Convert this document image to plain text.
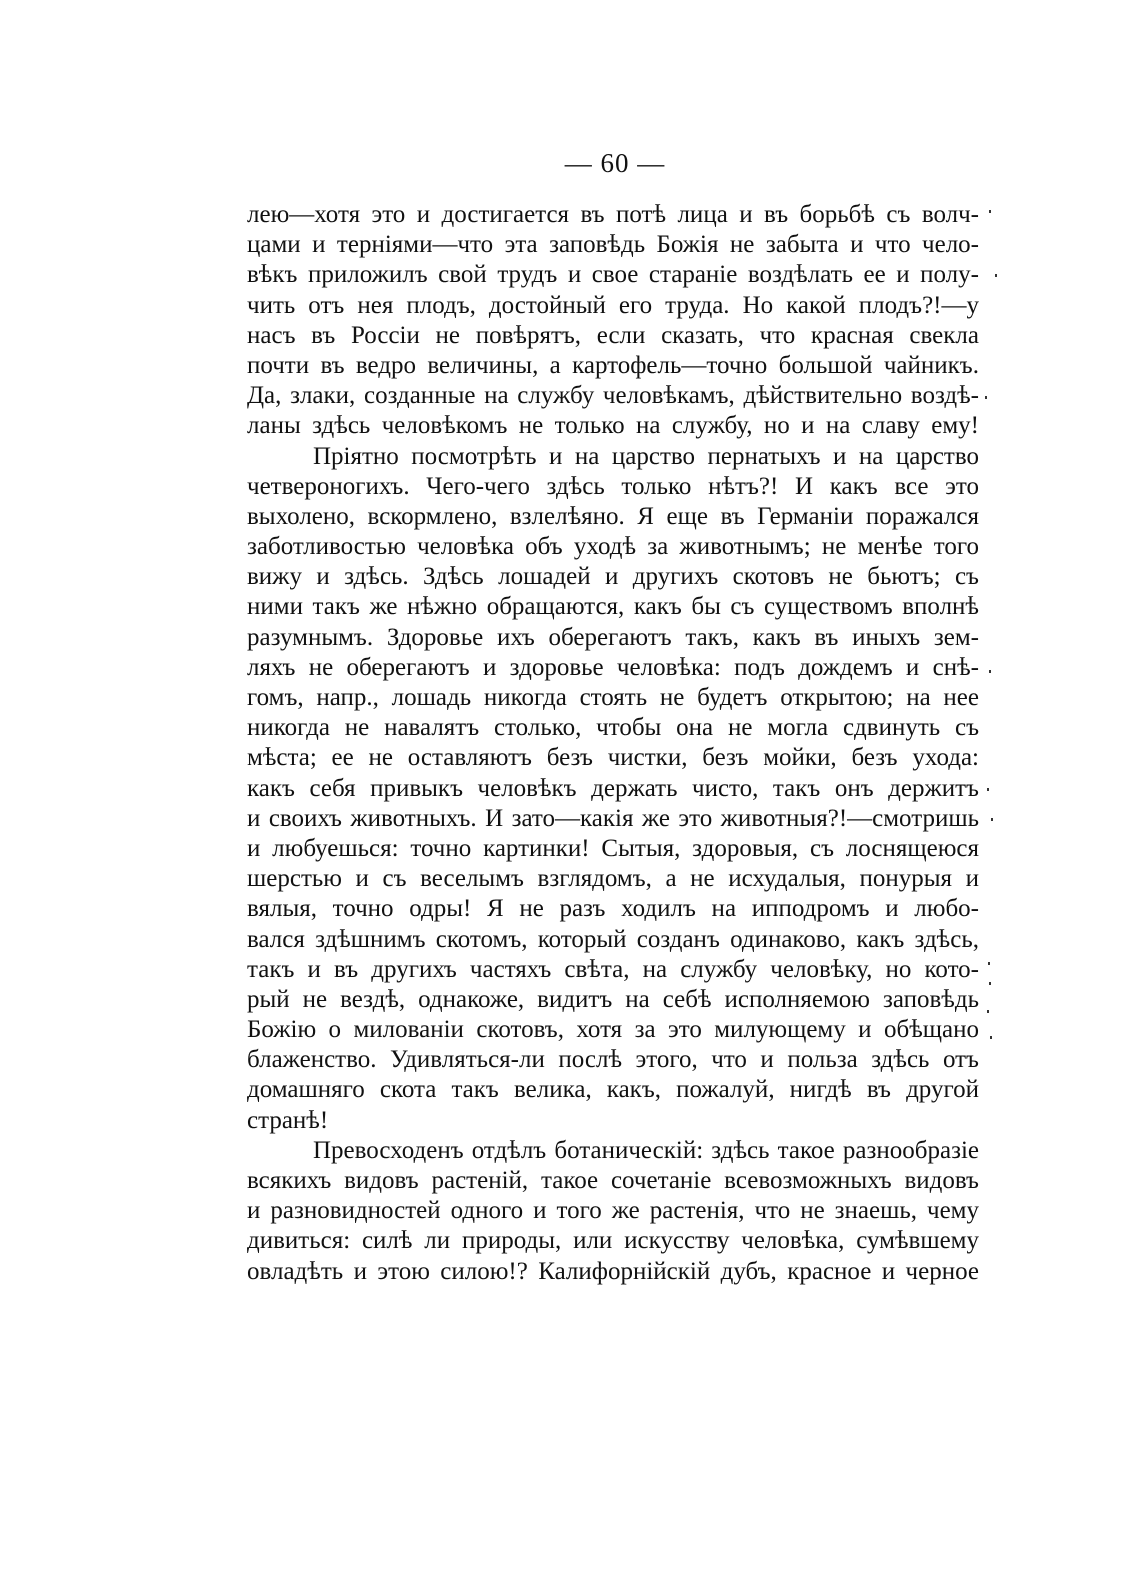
— 60 —
лею—хотя это и достигается въ потѣ лица и въ борьбѣ съ волч-
цами и терніями—что эта заповѣдь Божія не забыта и что чело-
вѣкъ приложилъ свой трудъ и свое стараніе воздѣлать ее и полу-
чить отъ нея плодъ, достойный его труда. Но какой плодъ?!—у
насъ въ Россіи не повѣрятъ, если сказать, что красная свекла
почти въ ведро величины, а картофель—точно большой чайникъ.
Да, злаки, созданные на службу человѣкамъ, дѣйствительно воздѣ-
ланы здѣсь человѣкомъ не только на службу, но и на славу ему!
Пріятно посмотрѣть и на царство пернатыхъ и на царство
четвероногихъ. Чего-чего здѣсь только нѣтъ?! И какъ все это
выхолено, вскормлено, взлелѣяно. Я еще въ Германіи поражался
заботливостью человѣка объ уходѣ за животнымъ; не менѣе того
вижу и здѣсь. Здѣсь лошадей и другихъ скотовъ не бьютъ; съ
ними такъ же нѣжно обращаются, какъ бы съ существомъ вполнѣ
разумнымъ. Здоровье ихъ оберегаютъ такъ, какъ въ иныхъ зем-
ляхъ не оберегаютъ и здоровье человѣка: подъ дождемъ и снѣ-
гомъ, напр., лошадь никогда стоять не будетъ открытою; на нее
никогда не навалятъ столько, чтобы она не могла сдвинуть съ
мѣста; ее не оставляютъ безъ чистки, безъ мойки, безъ ухода:
какъ себя привыкъ человѣкъ держать чисто, такъ онъ держитъ
и своихъ животныхъ. И зато—какія же это животныя?!—смотришь
и любуешься: точно картинки! Сытыя, здоровыя, съ лоснящеюся
шерстью и съ веселымъ взглядомъ, а не исхудалыя, понурыя и
вялыя, точно одры! Я не разъ ходилъ на ипподромъ и любо-
вался здѣшнимъ скотомъ, который созданъ одинаково, какъ здѣсь,
такъ и въ другихъ частяхъ свѣта, на службу человѣку, но кото-
рый не вездѣ, однакоже, видитъ на себѣ исполняемою заповѣдь
Божію о милованіи скотовъ, хотя за это милующему и обѣщано
блаженство. Удивляться-ли послѣ этого, что и польза здѣсь отъ
домашняго скота такъ велика, какъ, пожалуй, нигдѣ въ другой
странѣ!
Превосходенъ отдѣлъ ботаническій: здѣсь такое разнообразіе
всякихъ видовъ растеній, такое сочетаніе всевозможныхъ видовъ
и разновидностей одного и того же растенія, что не знаешь, чему
дивиться: силѣ ли природы, или искусству человѣка, сумѣвшему
овладѣть и этою силою!? Калифорнійскій дубъ, красное и черное
